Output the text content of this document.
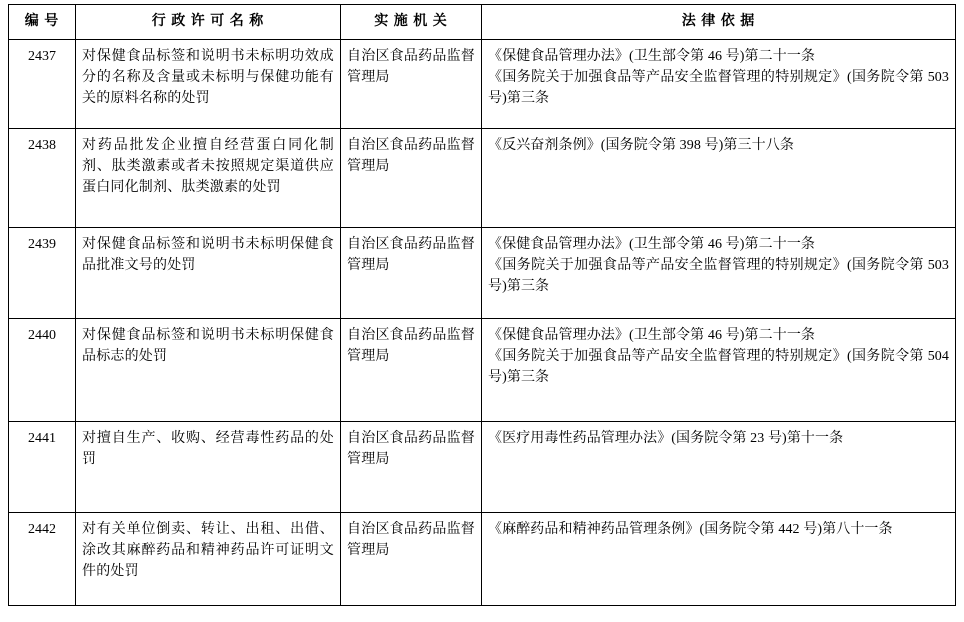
编 号	行 政 许 可 名 称	实 施 机 关	法 律 依 据
2437	对保健食品标签和说明书未标明功效成分的名称及含量或未标明与保健功能有关的原料名称的处罚	自治区食品药品监督管理局	《保健食品管理办法》(卫生部令第 46 号)第二十一条
《国务院关于加强食品等产品安全监督管理的特别规定》(国务院令第 503 号)第三条

2438	对药品批发企业擅自经营蛋白同化制剂、肽类激素或者未按照规定渠道供应蛋白同化制剂、肽类激素的处罚	自治区食品药品监督管理局	《反兴奋剂条例》(国务院令第 398 号)第三十八条

2439	对保健食品标签和说明书未标明保健食品批准文号的处罚	自治区食品药品监督管理局	《保健食品管理办法》(卫生部令第 46 号)第二十一条
《国务院关于加强食品等产品安全监督管理的特别规定》(国务院令第 503 号)第三条

2440	对保健食品标签和说明书未标明保健食品标志的处罚	自治区食品药品监督管理局	《保健食品管理办法》(卫生部令第 46 号)第二十一条
《国务院关于加强食品等产品安全监督管理的特别规定》(国务院令第 504 号)第三条

2441	对擅自生产、收购、经营毒性药品的处罚	自治区食品药品监督管理局	《医疗用毒性药品管理办法》(国务院令第 23 号)第十一条

2442	对有关单位倒卖、转让、出租、出借、涂改其麻醉药品和精神药品许可证明文件的处罚	自治区食品药品监督管理局	《麻醉药品和精神药品管理条例》(国务院令第 442 号)第八十一条
